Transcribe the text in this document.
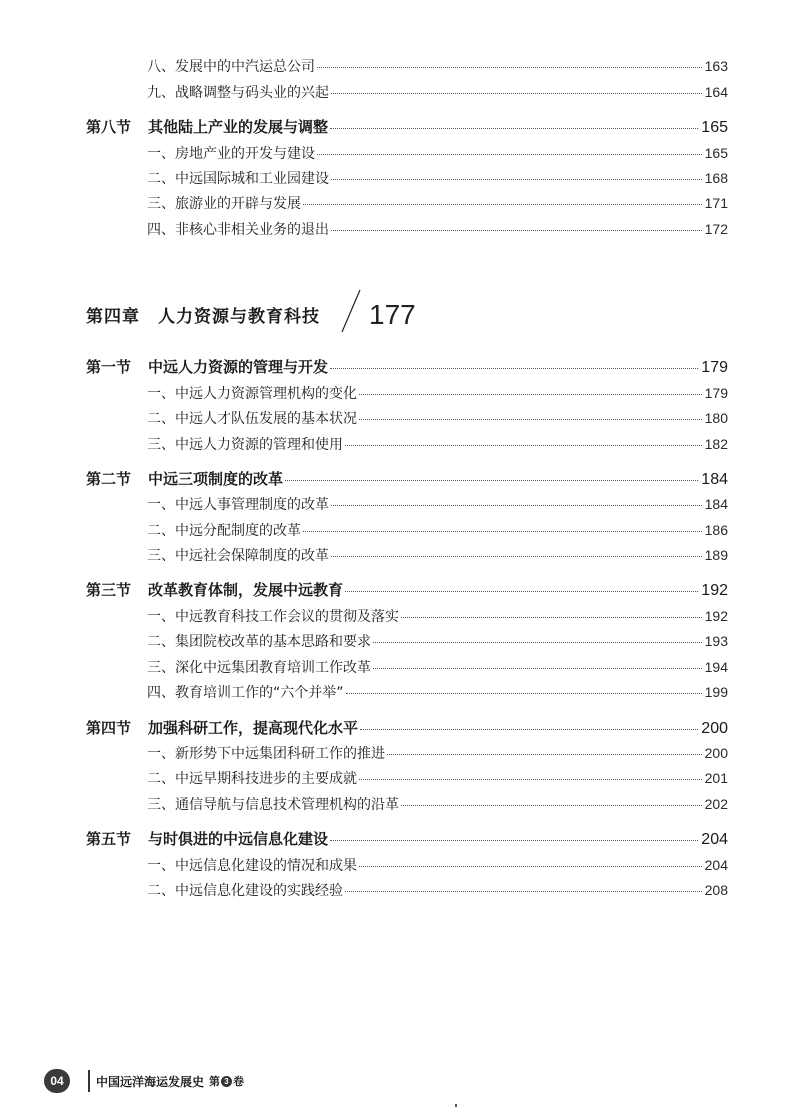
八、发展中的中汽运总公司	163
九、战略调整与码头业的兴起	164
第八节	其他陆上产业的发展与调整	165
一、房地产业的开发与建设	165
二、中远国际城和工业园建设	168
三、旅游业的开辟与发展	171
四、非核心非相关业务的退出	172
第四章　人力资源与教育科技 177
第一节	中远人力资源的管理与开发	179
一、中远人力资源管理机构的变化	179
二、中远人才队伍发展的基本状况	180
三、中远人力资源的管理和使用	182
第二节	中远三项制度的改革	184
一、中远人事管理制度的改革	184
二、中远分配制度的改革	186
三、中远社会保障制度的改革	189
第三节	改革教育体制，发展中远教育	192
一、中远教育科技工作会议的贯彻及落实	192
二、集团院校改革的基本思路和要求	193
三、深化中远集团教育培训工作改革	194
四、教育培训工作的“六个并举”	199
第四节	加强科研工作，提高现代化水平	200
一、新形势下中远集团科研工作的推进	200
二、中远早期科技进步的主要成就	201
三、通信导航与信息技术管理机构的沿革	202
第五节	与时俱进的中远信息化建设	204
一、中远信息化建设的情况和成果	204
二、中远信息化建设的实践经验	208
04	中国远洋海运发展史 第 3 卷
